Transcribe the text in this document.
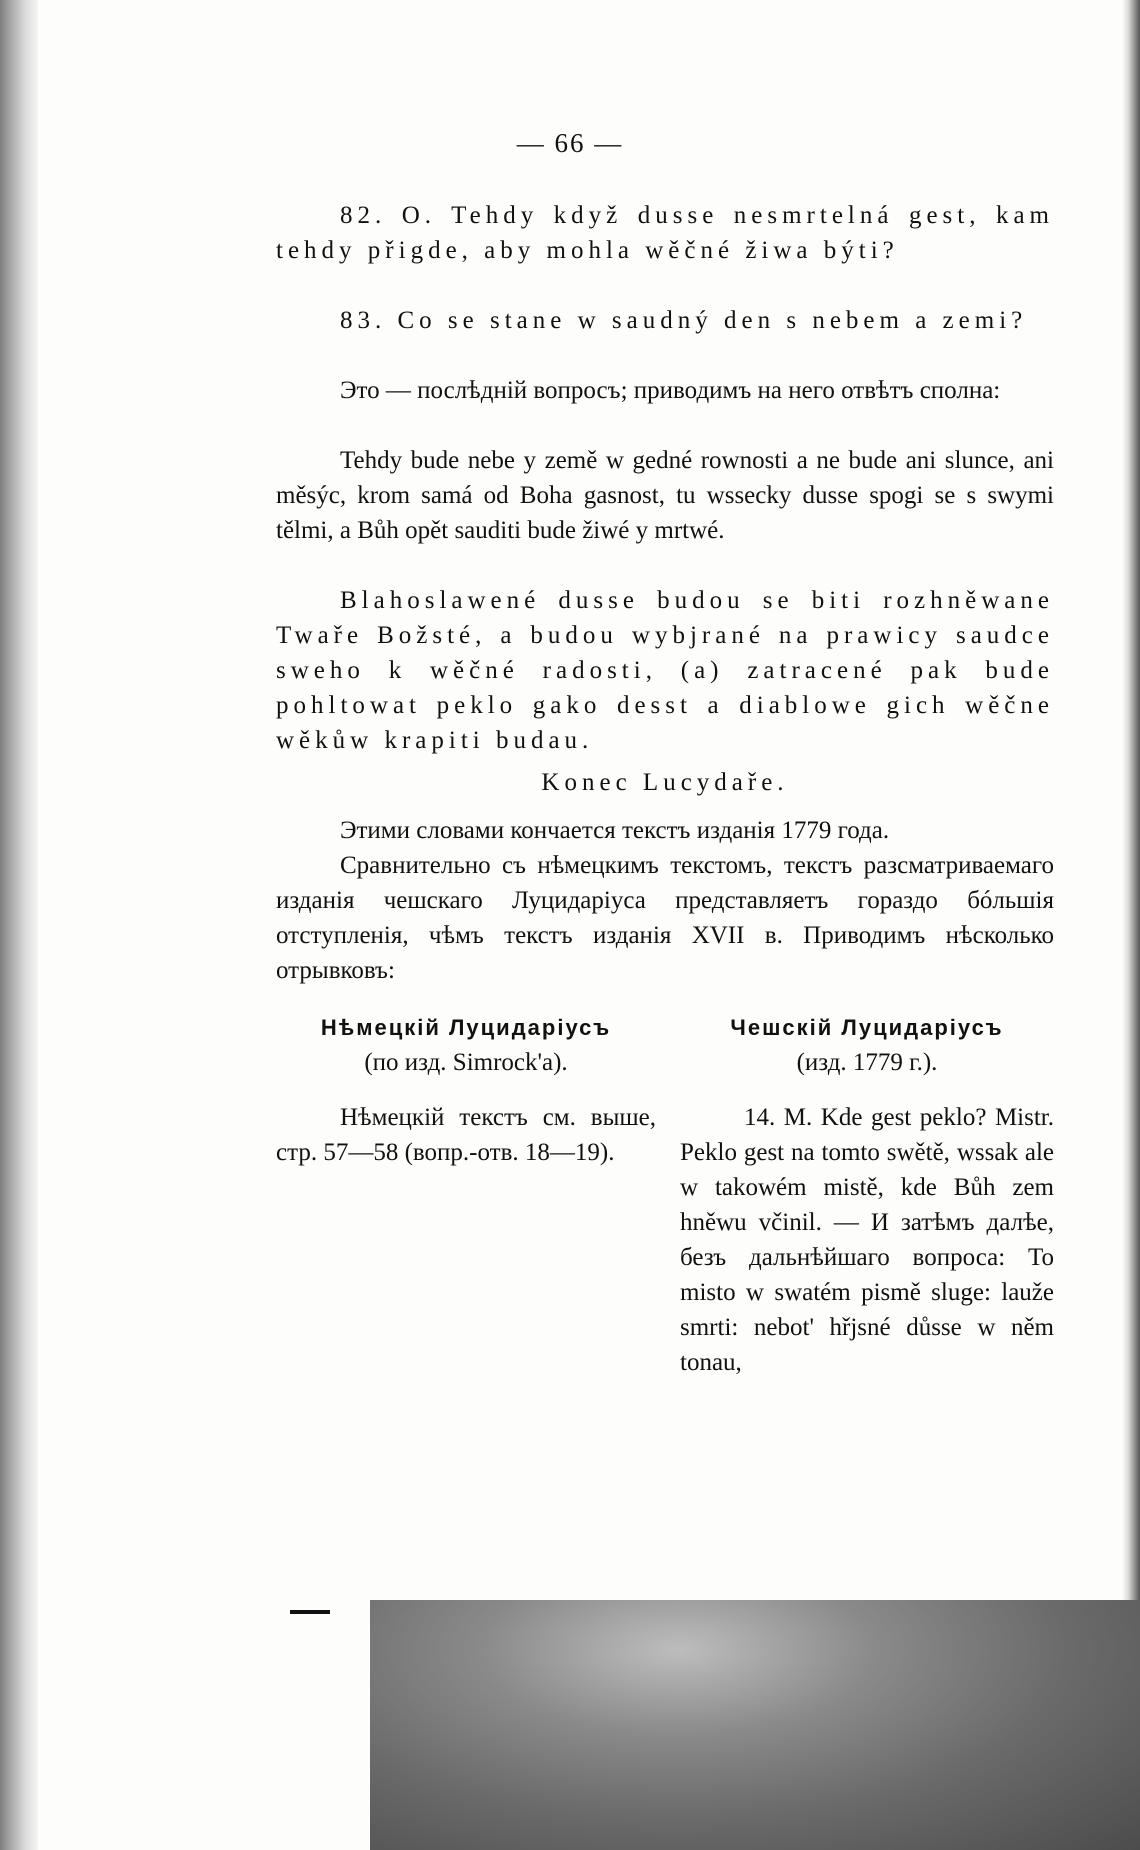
— 66 —

82. O. Tehdy když dusse nesmrtelná gest, kam tehdy přigde, aby mohla wěčné žiwa býti?

83. Co se stane w saudný den s nebem a zemi?

Это — послѣдній вопросъ; приводимъ на него отвѣтъ сполна:

Tehdy bude nebe y země w gedné rownosti a ne bude ani slunce, ani měsýc, krom samá od Boha gasnost, tu wssecky dusse spogi se s swymi tělmi, a Bůh opět sauditi bude žiwé y mrtwé.

Blahoslawené dusse budou se biti rozhněwane Twaře Božsté, a budou wybjrané na prawicy saudce sweho k wěčné radosti, (a) zatracené pak bude pohltowat peklo gako desst a diablowe gich wěčne wěkůw krapiti budau.

Konec Lucydaře.

Этими словами кончается текстъ изданія 1779 года.

Сравнительно съ нѣмецкимъ текстомъ, текстъ разсматриваемаго изданія чешскаго Луцидаріуса представляетъ гораздо бóльшія отступленія, чѣмъ текстъ изданія XVII в. Приводимъ нѣсколько отрывковъ:

Нѣмецкій Луцидаріусъ

(по изд. Simrock'a).

Чешскій Луцидаріусъ

(изд. 1779 г.).

Нѣмецкій текстъ см. выше, стр. 57—58 (вопр.-отв. 18—19).

14. M. Kde gest peklo? Mistr. Peklo gest na tomto swětě, wssak ale w takowém mistě, kde Bůh zem hněwu včinil. — И затѣмъ далѣе, безъ дальнѣйшаго вопроса: To misto w swatém pismě sluge: lauže smrti: nebot' hřjsné důsse w něm tonau,
